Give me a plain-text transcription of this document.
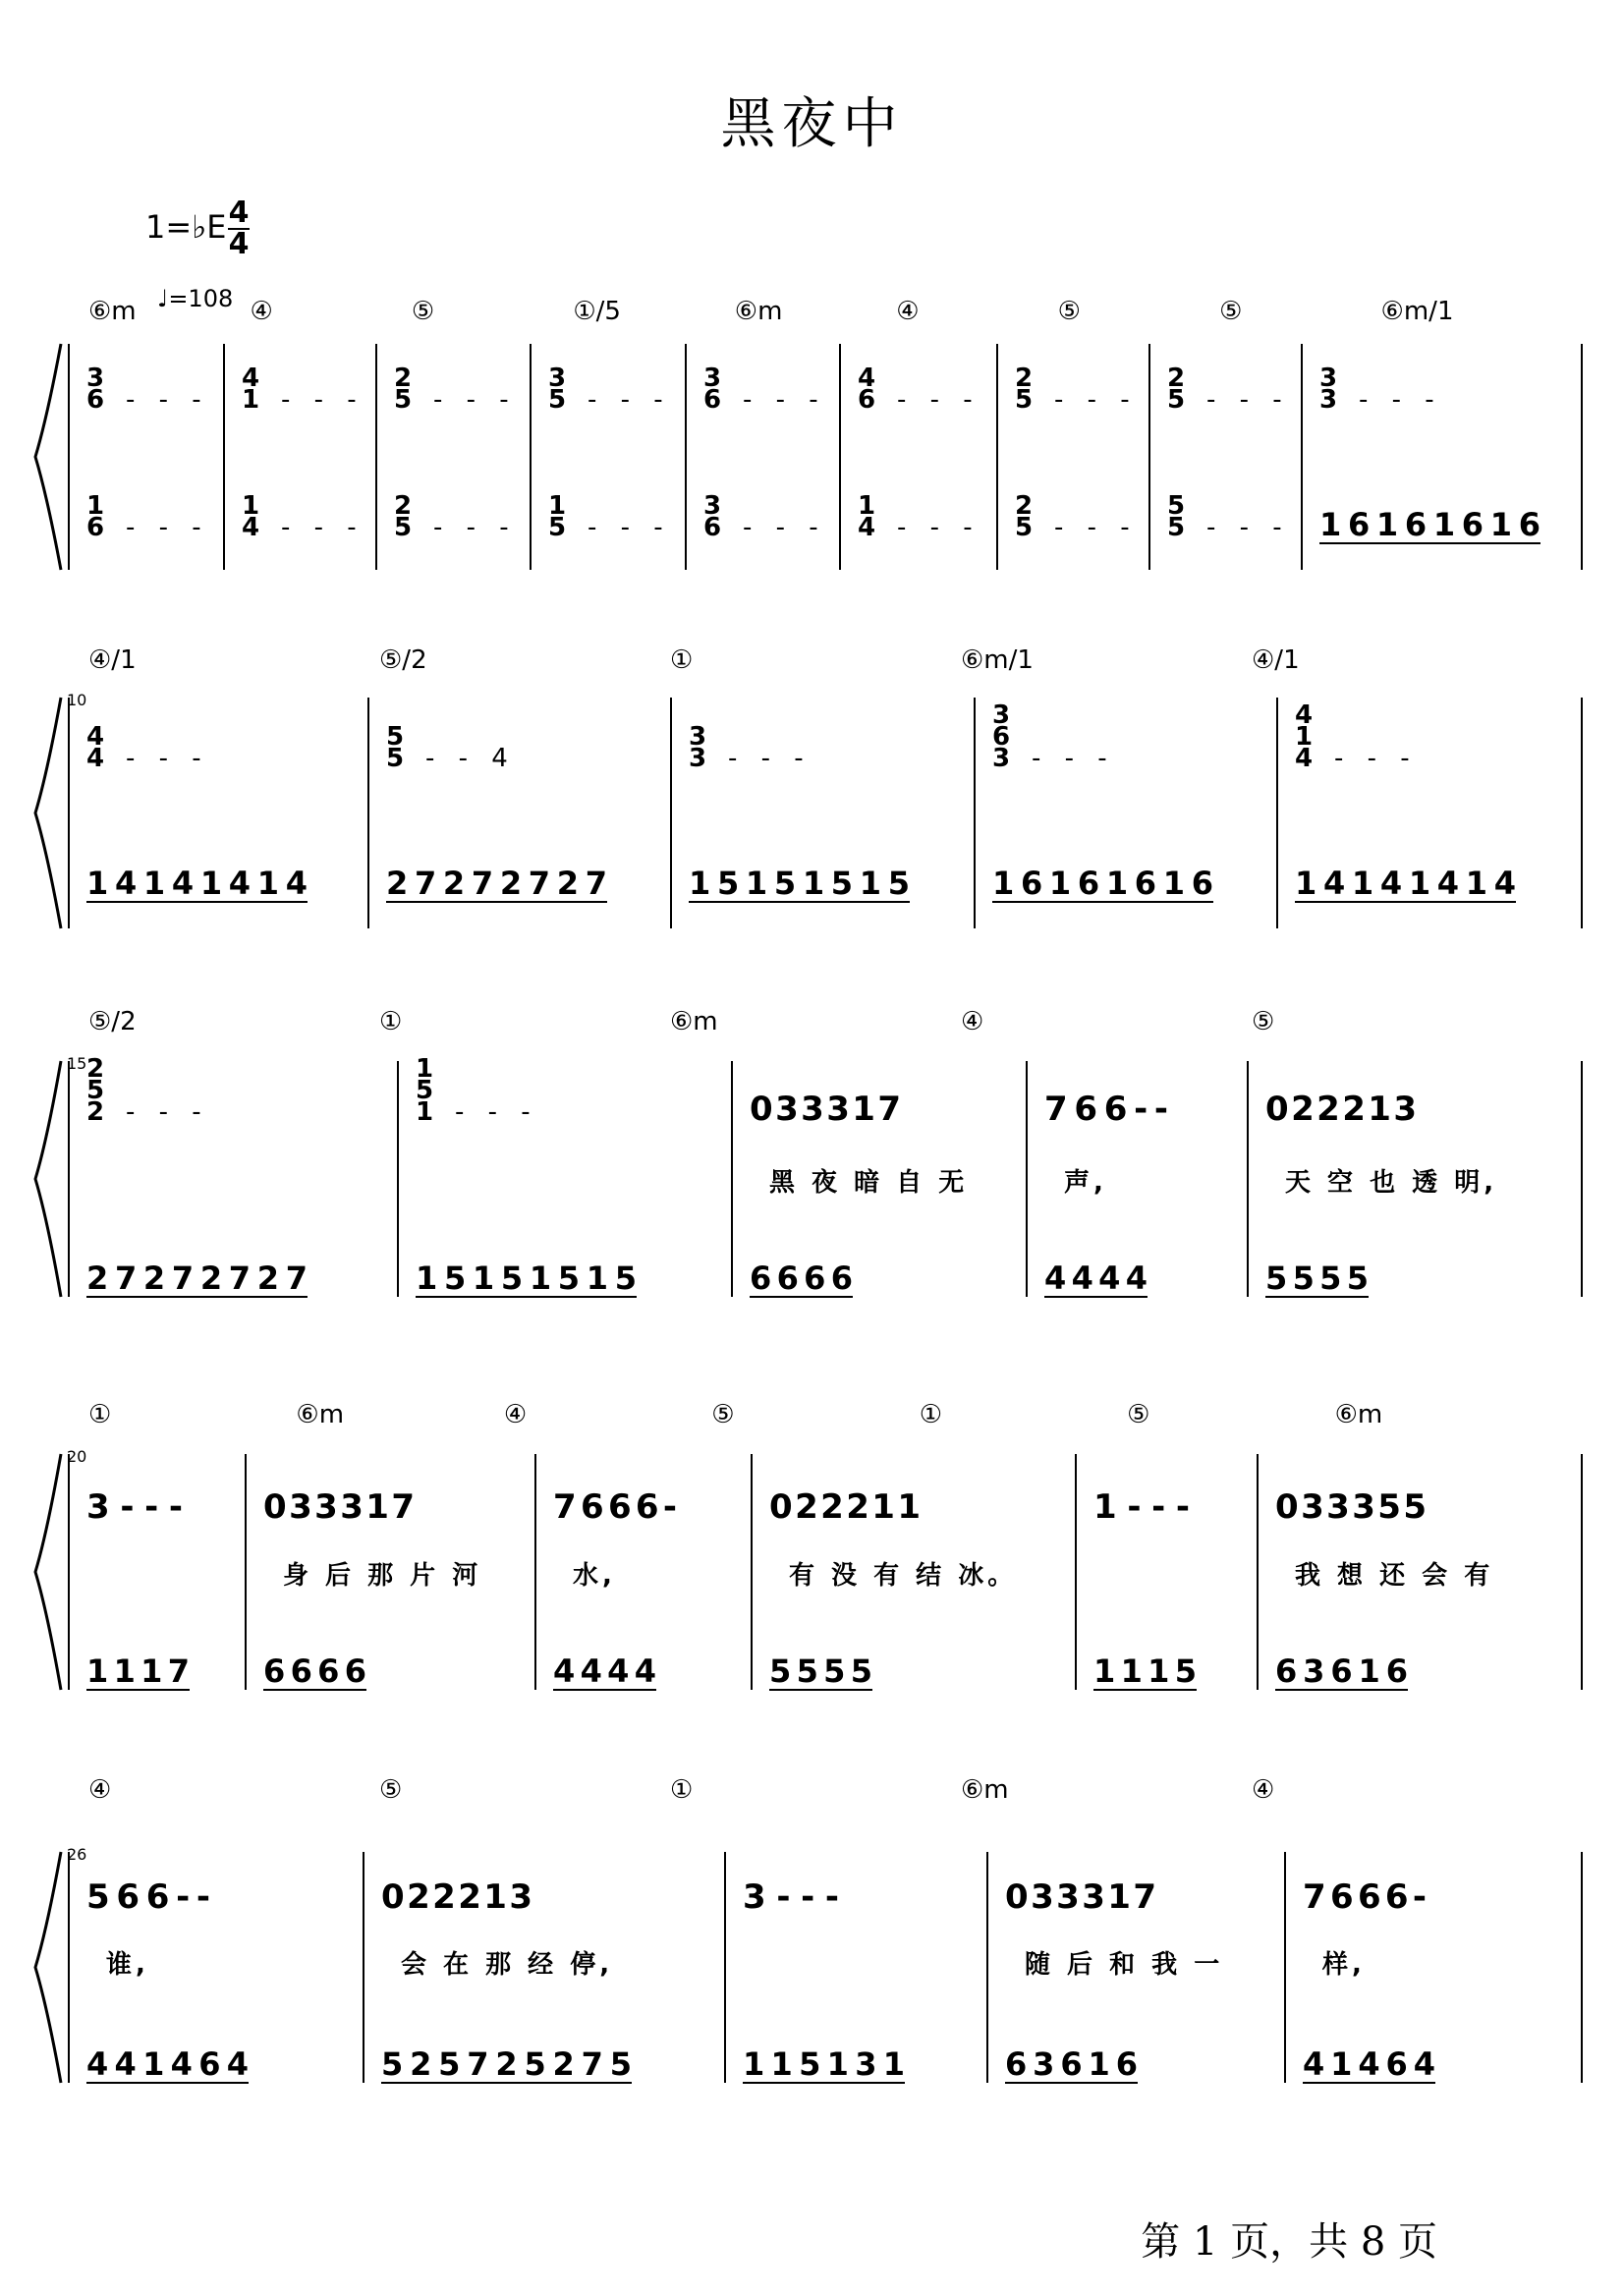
黑夜中
1=♭E 4
4
♩=108
⑥m	④	⑤	①/5	⑥m	④	⑤	⑤	⑥m/1
3
6 - - -
1
6 - - -
4
1 - - -
1
4 - - -
2
5 - - -
2
5 - - -
3
5 - - -
1
5 - - -
3
6 - - -
3
6 - - -
4
6 - - -
1
4 - - -
2
5 - - -
2
5 - - -
2
5 - - -
5
5 - - -
3
3 - - -
1 6 1 6 1 6 1 6
10
④/1	⑤/2	①	⑥m/1	④/1
4
4 - - -
1 4 1 4 1 4 1 4
5
5 - - 4
2 7 2 7 2 7 2 7
3
3 - - -
1 5 1 5 1 5 1 5
3
6
3 - - -
1 6 1 6 1 6 1 6
4
1
4 - - -
1 4 1 4 1 4 1 4
15
⑤/2	①	⑥m	④	⑤
2
5
2 - - -
2 7 2 7 2 7 2 7
1
5
1 - - -
1 5 1 5 1 5 1 5
0 3 3 3 1 7
6 6 6 6
黑 夜 暗 自 无
7 6 6 - -
4 4 4 4
声,
0 2 2 2 1 3
5 5 5 5
天 空 也 透 明,
20
①	⑥m	④	⑤	①	⑤	⑥m
3 - - -
1 1 1 7
0 3 3 3 1 7
6 6 6 6
身 后 那 片 河
7 6 6 6 -
4 4 4 4
水,
0 2 2 2 1 1
5 5 5 5
有 没 有 结 冰。
1 - - -
1 1 1 5
0 3 3 3 5 5
6 3 6 1 6
我 想 还 会 有
26
④	⑤	①	⑥m	④
5 6 6 - -
4 4 1 4 6 4
谁,
0 2 2 2 1 3
5 2 5 7 2 5 2 7 5
会 在 那 经 停,
3 - - -
1 1 5 1 3 1
0 3 3 3 1 7
6 3 6 1 6
随 后 和 我 一
7 6 6 6 -
4 1 4 6 4
样,
第 1 页，共 8 页
